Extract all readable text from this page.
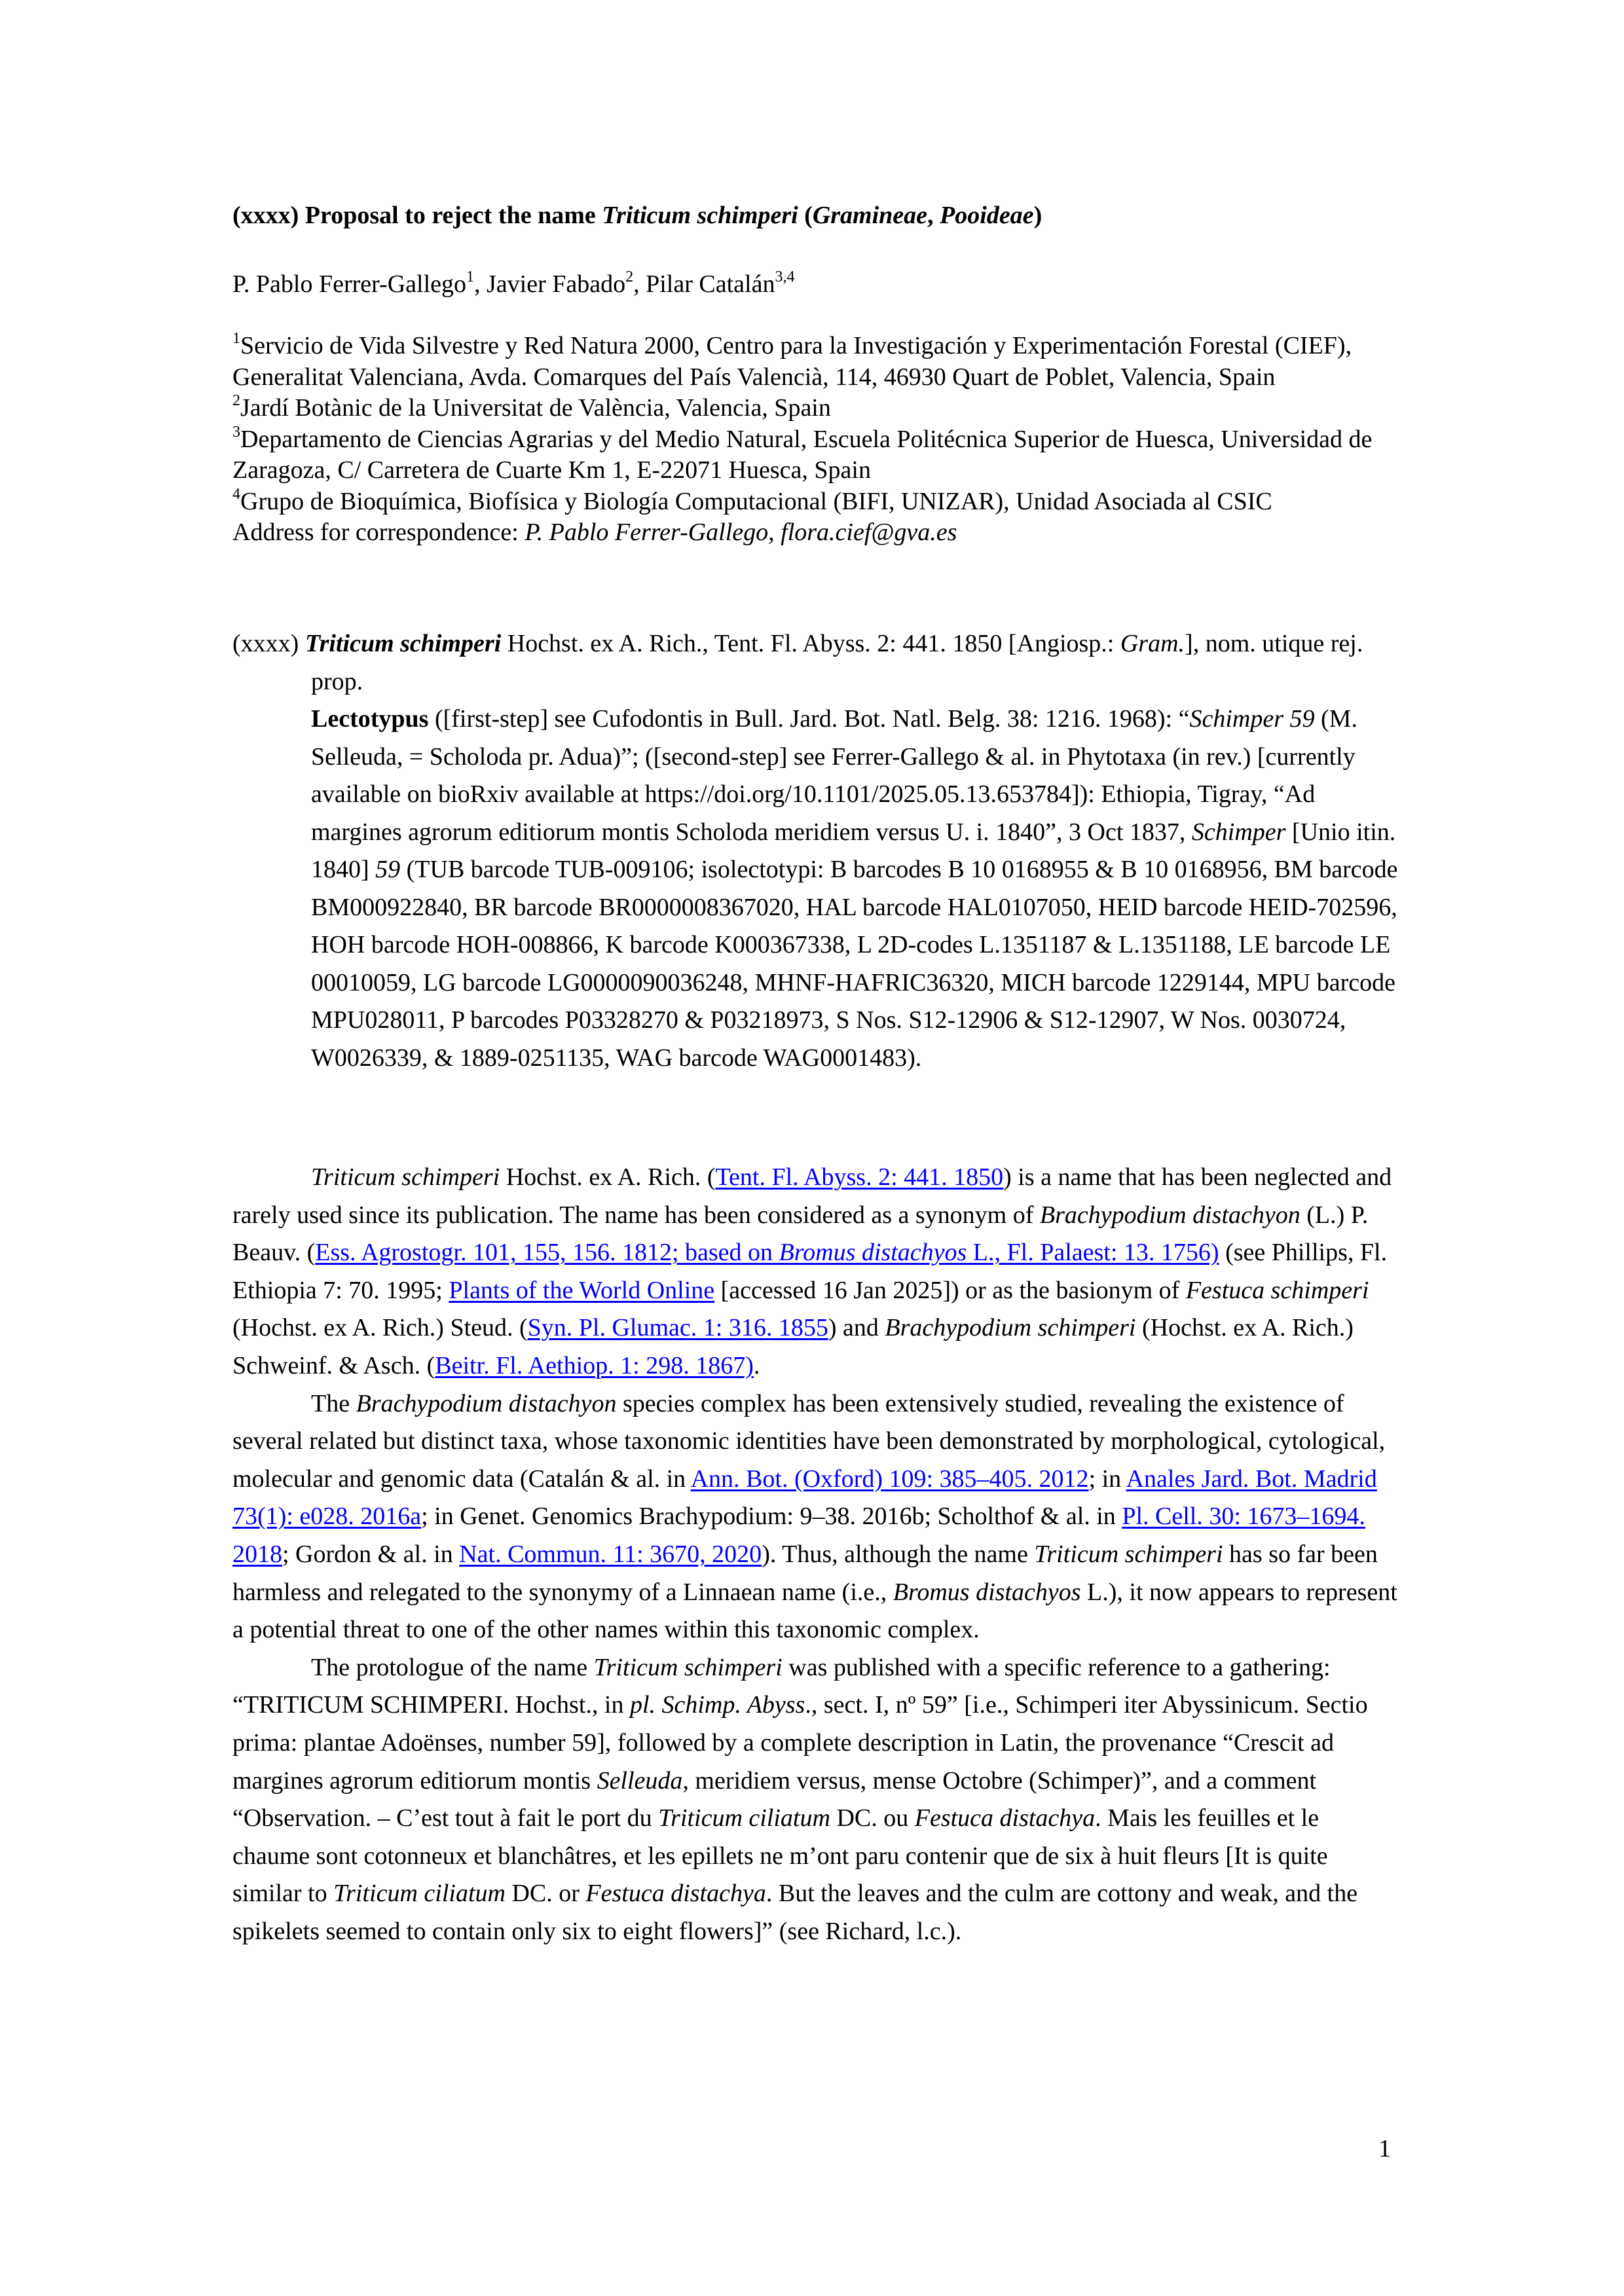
(xxxx) Proposal to reject the name Triticum schimperi (Gramineae, Pooideae)
P. Pablo Ferrer-Gallego$^1$, Javier Fabado$^2$, Pilar Catalán$^{3,4}$
$^1$Servicio de Vida Silvestre y Red Natura 2000, Centro para la Investigación y Experimentación Forestal (CIEF), Generalitat Valenciana, Avda. Comarques del País Valencià, 114, 46930 Quart de Poblet, Valencia, Spain
$^2$Jardí Botànic de la Universitat de València, Valencia, Spain
$^3$Departamento de Ciencias Agrarias y del Medio Natural, Escuela Politécnica Superior de Huesca, Universidad de Zaragoza, C/ Carretera de Cuarte Km 1, E-22071 Huesca, Spain
$^4$Grupo de Bioquímica, Biofísica y Biología Computacional (BIFI, UNIZAR), Unidad Asociada al CSIC
Address for correspondence: P. Pablo Ferrer-Gallego, flora.cief@gva.es
(xxxx) Triticum schimperi Hochst. ex A. Rich., Tent. Fl. Abyss. 2: 441. 1850 [Angiosp.: Gram.], nom. utique rej. prop.
Lectotypus ([first-step] see Cufodontis in Bull. Jard. Bot. Natl. Belg. 38: 1216. 1968): “Schimper 59 (M. Selleuda, = Scholoda pr. Adua)”; ([second-step] see Ferrer-Gallego & al. in Phytotaxa (in rev.) [currently available on bioRxiv available at https://doi.org/10.1101/2025.05.13.653784]): Ethiopia, Tigray, “Ad margines agrorum editiorum montis Scholoda meridiem versus U. i. 1840”, 3 Oct 1837, Schimper [Unio itin. 1840] 59 (TUB barcode TUB-009106; isolectotypi: B barcodes B 10 0168955 & B 10 0168956, BM barcode BM000922840, BR barcode BR0000008367020, HAL barcode HAL0107050, HEID barcode HEID-702596, HOH barcode HOH-008866, K barcode K000367338, L 2D-codes L.1351187 & L.1351188, LE barcode LE 00010059, LG barcode LG0000090036248, MHNF-HAFRIC36320, MICH barcode 1229144, MPU barcode MPU028011, P barcodes P03328270 & P03218973, S Nos. S12-12906 & S12-12907, W Nos. 0030724, W0026339, & 1889-0251135, WAG barcode WAG0001483).

Triticum schimperi Hochst. ex A. Rich. (Tent. Fl. Abyss. 2: 441. 1850) is a name that has been neglected and rarely used since its publication. The name has been considered as a synonym of Brachypodium distachyon (L.) P. Beauv. (Ess. Agrostogr. 101, 155, 156. 1812; based on Bromus distachyos L., Fl. Palaest: 13. 1756) (see Phillips, Fl. Ethiopia 7: 70. 1995; Plants of the World Online [accessed 16 Jan 2025]) or as the basionym of Festuca schimperi (Hochst. ex A. Rich.) Steud. (Syn. Pl. Glumac. 1: 316. 1855) and Brachypodium schimperi (Hochst. ex A. Rich.) Schweinf. & Asch. (Beitr. Fl. Aethiop. 1: 298. 1867).

The Brachypodium distachyon species complex has been extensively studied, revealing the existence of several related but distinct taxa, whose taxonomic identities have been demonstrated by morphological, cytological, molecular and genomic data (Catalán & al. in Ann. Bot. (Oxford) 109: 385–405. 2012; in Anales Jard. Bot. Madrid 73(1): e028. 2016a; in Genet. Genomics Brachypodium: 9–38. 2016b; Scholthof & al. in Pl. Cell. 30: 1673–1694. 2018; Gordon & al. in Nat. Commun. 11: 3670, 2020). Thus, although the name Triticum schimperi has so far been harmless and relegated to the synonymy of a Linnaean name (i.e., Bromus distachyos L.), it now appears to represent a potential threat to one of the other names within this taxonomic complex.

The protologue of the name Triticum schimperi was published with a specific reference to a gathering: “TRITICUM SCHIMPERI. Hochst., in pl. Schimp. Abyss., sect. I, nº 59” [i.e., Schimperi iter Abyssinicum. Sectio prima: plantae Adoënses, number 59], followed by a complete description in Latin, the provenance “Crescit ad margines agrorum editiorum montis Selleuda, meridiem versus, mense Octobre (Schimper)”, and a comment “Observation. – C’est tout à fait le port du Triticum ciliatum DC. ou Festuca distachya. Mais les feuilles et le chaume sont cotonneux et blanchâtres, et les epillets ne m’ont paru contenir que de six à huit fleurs [It is quite similar to Triticum ciliatum DC. or Festuca distachya. But the leaves and the culm are cottony and weak, and the spikelets seemed to contain only six to eight flowers]” (see Richard, l.c.).

1
